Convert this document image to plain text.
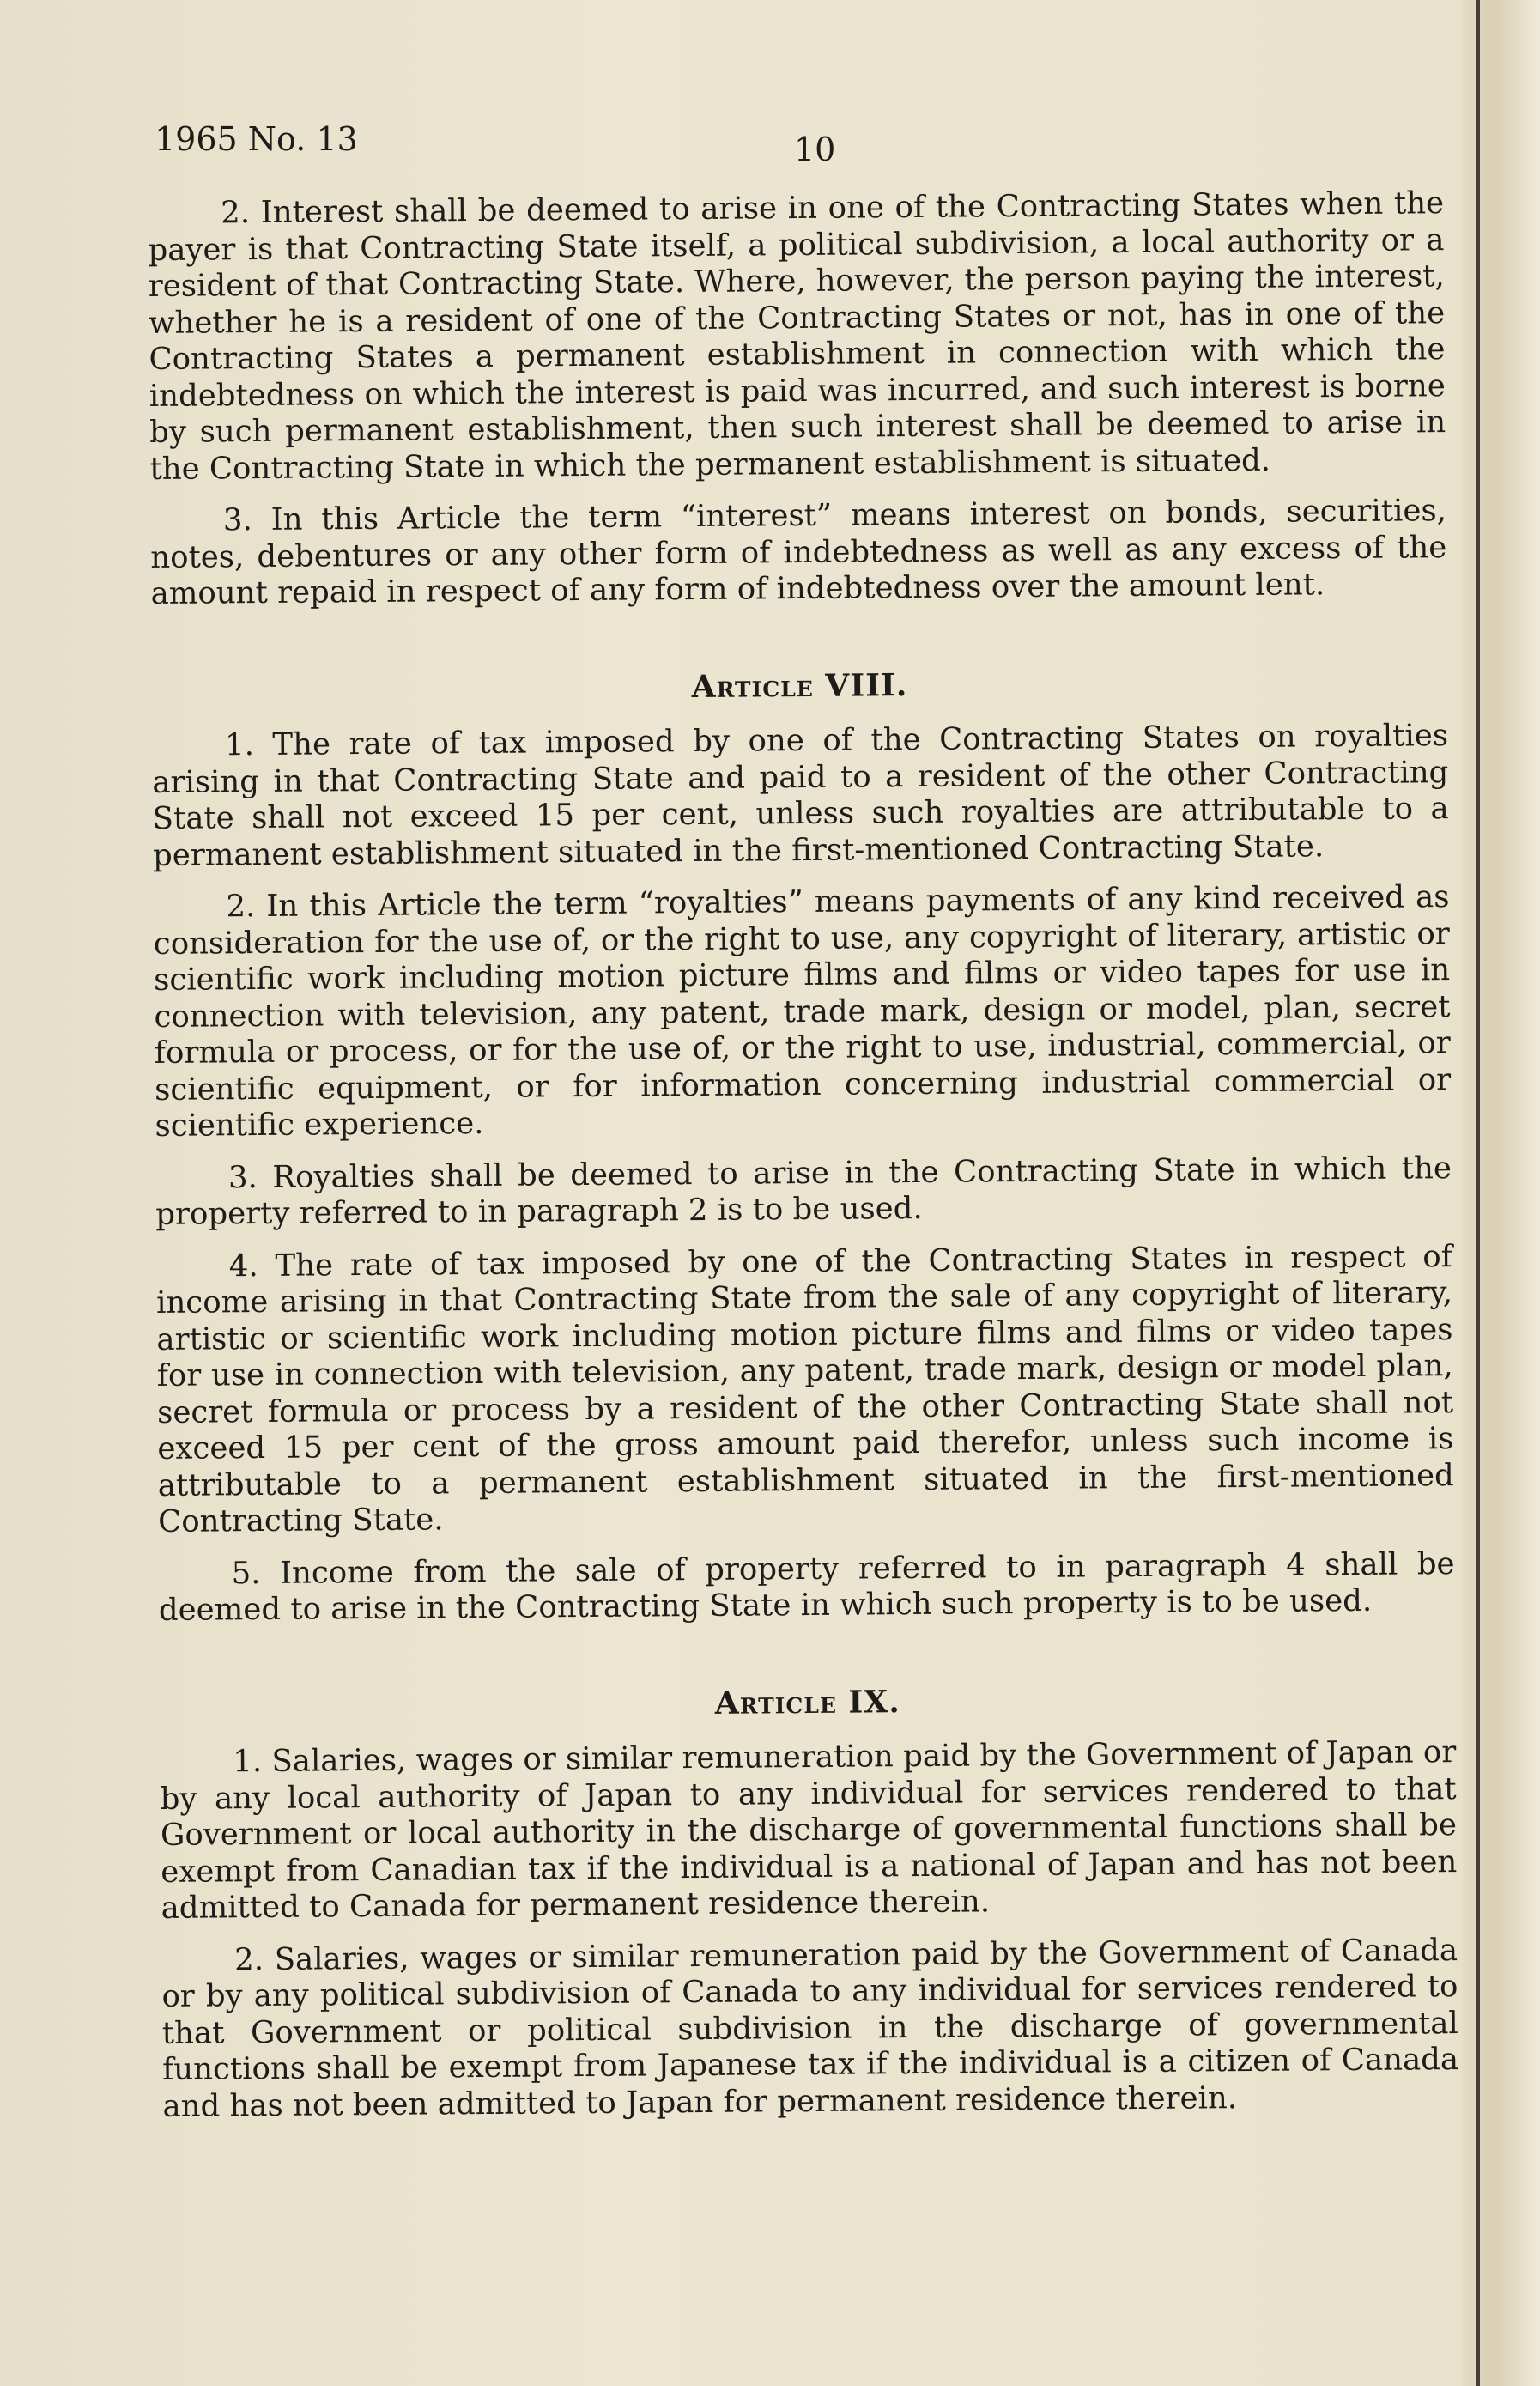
1965 No. 13	10

2. Interest shall be deemed to arise in one of the Contracting States when the payer is that Contracting State itself, a political subdivision, a local authority or a resident of that Contracting State. Where, however, the person paying the interest, whether he is a resident of one of the Contracting States or not, has in one of the Contracting States a permanent establishment in connection with which the indebtedness on which the interest is paid was incurred, and such interest is borne by such permanent establishment, then such interest shall be deemed to arise in the Contracting State in which the permanent establishment is situated.

3. In this Article the term “interest” means interest on bonds, securities, notes, debentures or any other form of indebtedness as well as any excess of the amount repaid in respect of any form of indebtedness over the amount lent.

Article VIII.

1. The rate of tax imposed by one of the Contracting States on royalties arising in that Contracting State and paid to a resident of the other Contracting State shall not exceed 15 per cent, unless such royalties are attributable to a permanent establishment situated in the first-mentioned Contracting State.

2. In this Article the term “royalties” means payments of any kind received as consideration for the use of, or the right to use, any copyright of literary, artistic or scientific work including motion picture films and films or video tapes for use in connection with television, any patent, trade mark, design or model, plan, secret formula or process, or for the use of, or the right to use, industrial, commercial, or scientific equipment, or for information concerning industrial commercial or scientific experience.

3. Royalties shall be deemed to arise in the Contracting State in which the property referred to in paragraph 2 is to be used.

4. The rate of tax imposed by one of the Contracting States in respect of income arising in that Contracting State from the sale of any copyright of literary, artistic or scientific work including motion picture films and films or video tapes for use in connection with television, any patent, trade mark, design or model plan, secret formula or process by a resident of the other Contracting State shall not exceed 15 per cent of the gross amount paid therefor, unless such income is attributable to a permanent establishment situated in the first-mentioned Contracting State.

5. Income from the sale of property referred to in paragraph 4 shall be deemed to arise in the Contracting State in which such property is to be used.

Article IX.

1. Salaries, wages or similar remuneration paid by the Government of Japan or by any local authority of Japan to any individual for services rendered to that Government or local authority in the discharge of governmental functions shall be exempt from Canadian tax if the individual is a national of Japan and has not been admitted to Canada for permanent residence therein.

2. Salaries, wages or similar remuneration paid by the Government of Canada or by any political subdivision of Canada to any individual for services rendered to that Government or political subdivision in the discharge of governmental functions shall be exempt from Japanese tax if the individual is a citizen of Canada and has not been admitted to Japan for permanent residence therein.
